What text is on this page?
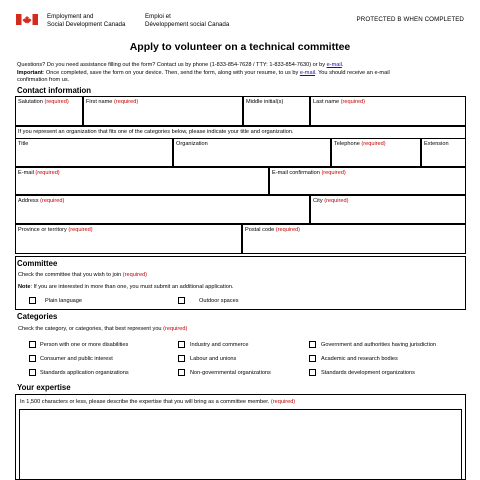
Employment and
Social Development Canada
Emploi et
Développement social Canada
PROTECTED B WHEN COMPLETED
Apply to volunteer on a technical committee
Questions? Do you need assistance filling out the form? Contact us by phone (1-833-854-7628 / TTY: 1-833-854-7630) or by e-mail.
Important: Once completed, save the form on your device. Then, send the form, along with your resume, to us by e-mail. You should receive an e-mail
confirmation from us.
Contact information
Salutation (required)	First name (required)	Middle initial(s)	Last name (required)
If you represent an organization that fits one of the categories below, please indicate your title and organization.
Title	Organization	Telephone (required)	Extension
E-mail (required)	E-mail confirmation (required)
Address (required)	City (required)
Province or territory (required)	Postal code (required)
Committee
Check the committee that you wish to join (required)
Note: If you are interested in more than one, you must submit an additional application.
Plain language	Outdoor spaces
Categories
Check the category, or categories, that best represent you (required)
Person with one or more disabilities	Industry and commerce	Government and authorities having jurisdiction
Consumer and public interest	Labour and unions	Academic and research bodies
Standards application organizations	Non-governmental organizations	Standards development organizations
Your expertise
In 1,500 characters or less, please describe the expertise that you will bring as a committee member. (required)
